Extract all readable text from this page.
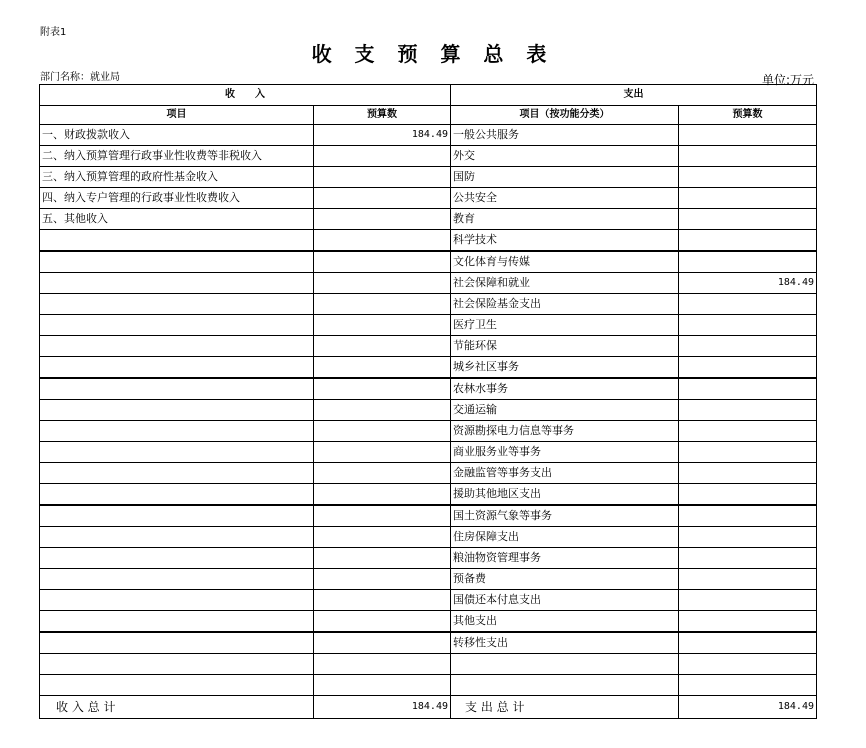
附表1
收 支 预 算 总 表
部门名称：就业局	单位:万元
收　　入		支出	
项目	预算数	项目（按功能分类）	预算数
一、财政拨款收入	184.49	一般公共服务	
二、纳入预算管理行政事业性收费等非税收入		外交	
三、纳入预算管理的政府性基金收入		国防	
四、纳入专户管理的行政事业性收费收入		公共安全	
五、其他收入		教育	
		科学技术	
		文化体育与传媒	
		社会保障和就业	184.49
		社会保险基金支出	
		医疗卫生	
		节能环保	
		城乡社区事务	
		农林水事务	
		交通运输	
		资源勘探电力信息等事务	
		商业服务业等事务	
		金融监管等事务支出	
		援助其他地区支出	
		国土资源气象等事务	
		住房保障支出	
		粮油物资管理事务	
		预备费	
		国债还本付息支出	
		其他支出	
		转移性支出	

收 入 总 计	184.49	支 出 总 计	184.49
